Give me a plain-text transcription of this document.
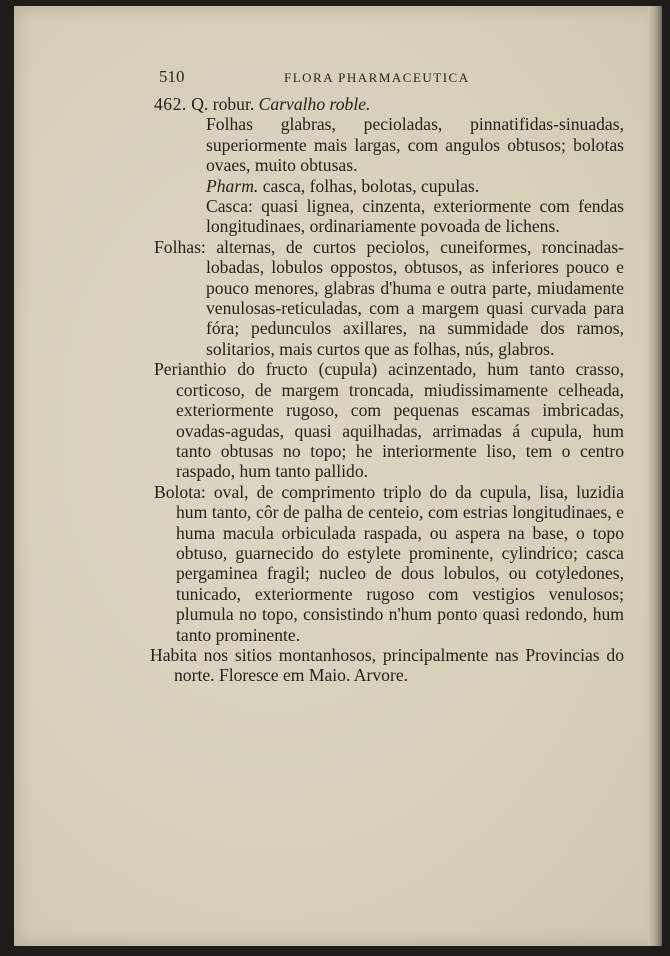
510	FLORA PHARMACEUTICA

462. Q. robur. Carvalho roble.
Folhas glabras, pecioladas, pinnatifidas-sinuadas, superiormente mais largas, com angulos obtusos; bolotas ovaes, muito obtusas.
Pharm. casca, folhas, bolotas, cupulas.
Casca: quasi lignea, cinzenta, exteriormente com fendas longitudinaes, ordinariamente povoada de lichens.

Folhas: alternas, de curtos peciolos, cuneiformes, roncinadas-lobadas, lobulos oppostos, obtusos, as inferiores pouco e pouco menores, glabras d'huma e outra parte, miudamente venulosas-reticuladas, com a margem quasi curvada para fóra; pedunculos axillares, na summidade dos ramos, solitarios, mais curtos que as folhas, nús, glabros.

Perianthio do fructo (cupula) acinzentado, hum tanto crasso, corticoso, de margem troncada, miudissimamente celheada, exteriormente rugoso, com pequenas escamas imbricadas, ovadas-agudas, quasi aquilhadas, arrimadas á cupula, hum tanto obtusas no topo; he interiormente liso, tem o centro raspado, hum tanto pallido.

Bolota: oval, de comprimento triplo do da cupula, lisa, luzidia hum tanto, côr de palha de centeio, com estrias longitudinaes, e huma macula orbiculada raspada, ou aspera na base, o topo obtuso, guarnecido do estylete prominente, cylindrico; casca pergaminea fragil; nucleo de dous lobulos, ou cotyledones, tunicado, exteriormente rugoso com vestigios venulosos; plumula no topo, consistindo n'hum ponto quasi redondo, hum tanto prominente.

Habita nos sitios montanhosos, principalmente nas Provincias do norte. Floresce em Maio. Arvore.
